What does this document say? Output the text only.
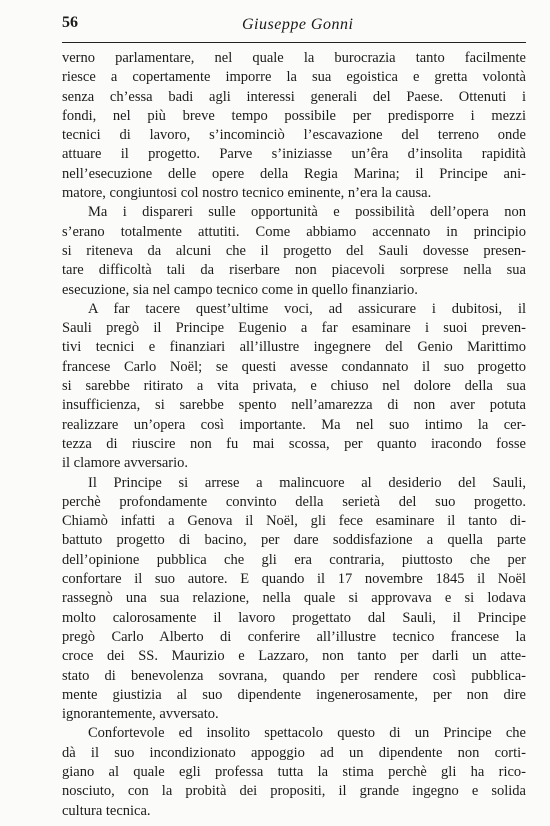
56	Giuseppe Gonni
verno parlamentare, nel quale la burocrazia tanto facilmente
riesce a copertamente imporre la sua egoistica e gretta volontà
senza ch’essa badi agli interessi generali del Paese. Ottenuti i
fondi, nel più breve tempo possibile per predisporre i mezzi
tecnici di lavoro, s’incominciò l’escavazione del terreno onde
attuare il progetto. Parve s’iniziasse un’êra d’insolita rapidità
nell’esecuzione delle opere della Regia Marina; il Principe ani-
matore, congiuntosi col nostro tecnico eminente, n’era la causa.
Ma i dispareri sulle opportunità e possibilità dell’opera non
s’erano totalmente attutiti. Come abbiamo accennato in principio
si riteneva da alcuni che il progetto del Sauli dovesse presen-
tare difficoltà tali da riserbare non piacevoli sorprese nella sua
esecuzione, sia nel campo tecnico come in quello finanziario.
A far tacere quest’ultime voci, ad assicurare i dubitosi, il
Sauli pregò il Principe Eugenio a far esaminare i suoi preven-
tivi tecnici e finanziari all’illustre ingegnere del Genio Marittimo
francese Carlo Noël; se questi avesse condannato il suo progetto
si sarebbe ritirato a vita privata, e chiuso nel dolore della sua
insufficienza, si sarebbe spento nell’amarezza di non aver potuta
realizzare un’opera così importante. Ma nel suo intimo la cer-
tezza di riuscire non fu mai scossa, per quanto iracondo fosse
il clamore avversario.
Il Principe si arrese a malincuore al desiderio del Sauli,
perchè profondamente convinto della serietà del suo progetto.
Chiamò infatti a Genova il Noël, gli fece esaminare il tanto di-
battuto progetto di bacino, per dare soddisfazione a quella parte
dell’opinione pubblica che gli era contraria, piuttosto che per
confortare il suo autore. E quando il 17 novembre 1845 il Noël
rassegnò una sua relazione, nella quale si approvava e si lodava
molto calorosamente il lavoro progettato dal Sauli, il Principe
pregò Carlo Alberto di conferire all’illustre tecnico francese la
croce dei SS. Maurizio e Lazzaro, non tanto per darli un atte-
stato di benevolenza sovrana, quando per rendere così pubblica-
mente giustizia al suo dipendente ingenerosamente, per non dire
ignorantemente, avversato.
Confortevole ed insolito spettacolo questo di un Principe che
dà il suo incondizionato appoggio ad un dipendente non corti-
giano al quale egli professa tutta la stima perchè gli ha rico-
nosciuto, con la probità dei propositi, il grande ingegno e solida
cultura tecnica.
